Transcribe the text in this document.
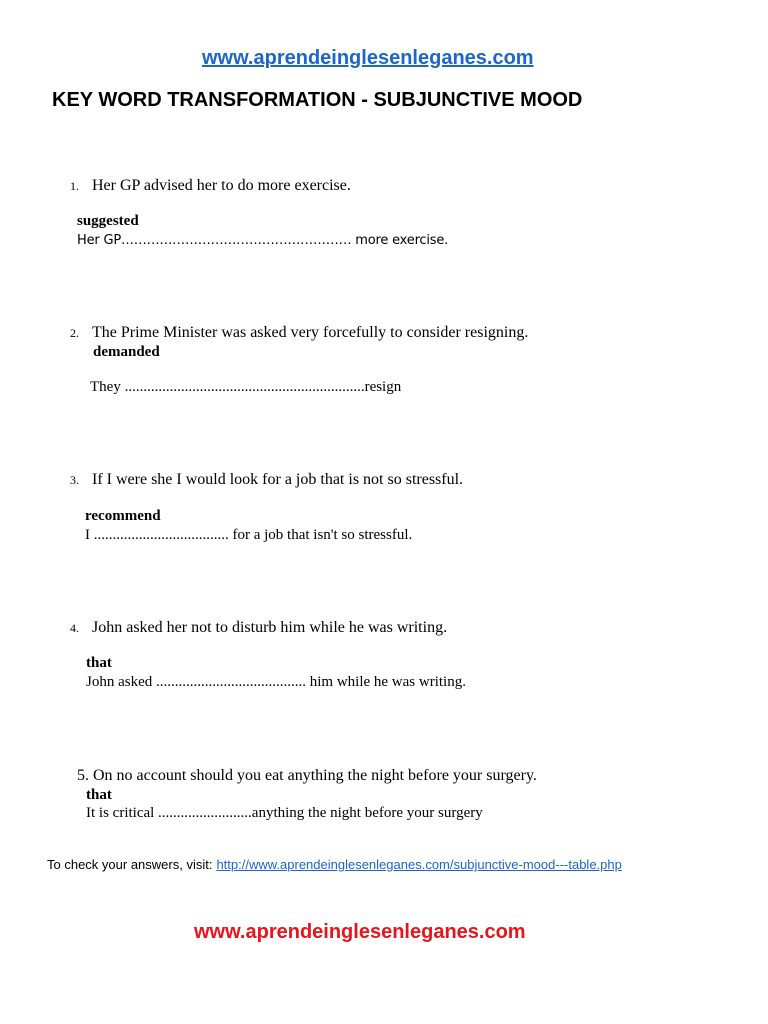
www.aprendeinglesenleganes.com
KEY WORD TRANSFORMATION - SUBJUNCTIVE MOOD
1. Her GP advised her to do more exercise.
suggested
Her GP……………………………………………… more exercise.
2. The Prime Minister was asked very forcefully to consider resigning.
demanded
They ................................................................resign
3. If I were she I would look for a job that is not so stressful.
recommend
I .................................... for a job that isn't so stressful.
4. John asked her not to disturb him while he was writing.
that
John asked ........................................ him while he was writing.
5. On no account should you eat anything the night before your surgery.
that
It is critical .........................anything the night before your surgery
To check your answers, visit: http://www.aprendeinglesenleganes.com/subjunctive-mood---table.php
www.aprendeinglesenleganes.com
